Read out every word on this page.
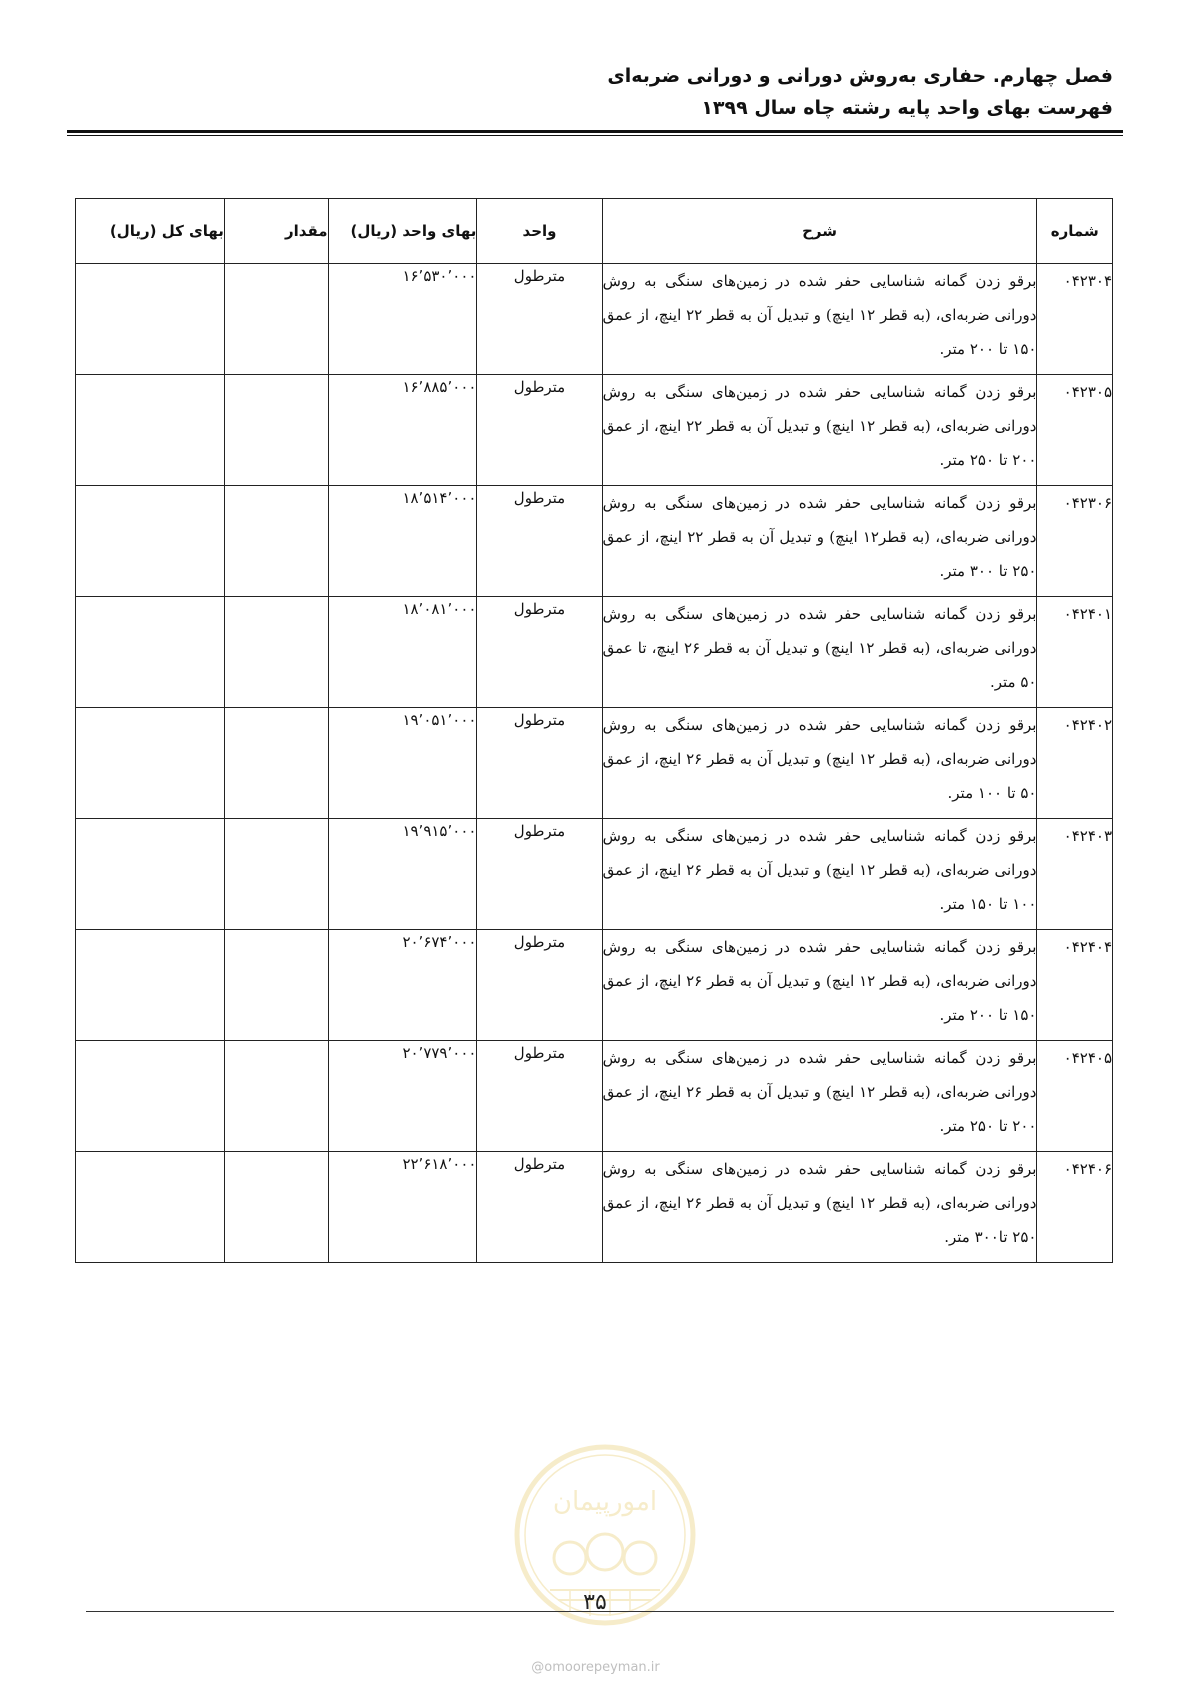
فصل چهارم. حفاری به‌روش دورانی و دورانی ضربه‌ای
فهرست بهای واحد پایه رشته چاه سال ۱۳۹۹
شماره	شرح	واحد	بهای واحد (ریال)	مقدار	بهای کل (ریال)
۰۴۲۳۰۴	برقو زدن گمانه شناسایی حفر شده در زمین‌های سنگی به روش دورانی ضربه‌ای، (به قطر ۱۲ اینچ) و تبدیل آن به قطر ۲۲ اینچ، از عمق ۱۵۰ تا ۲۰۰ متر.	مترطول	۱۶٬۵۳۰٬۰۰۰		
۰۴۲۳۰۵	برقو زدن گمانه شناسایی حفر شده در زمین‌های سنگی به روش دورانی ضربه‌ای، (به قطر ۱۲ اینچ) و تبدیل آن به قطر ۲۲ اینچ، از عمق ۲۰۰ تا ۲۵۰ متر.	مترطول	۱۶٬۸۸۵٬۰۰۰		
۰۴۲۳۰۶	برقو زدن گمانه شناسایی حفر شده در زمین‌های سنگی به روش دورانی ضربه‌ای، (به قطر۱۲ اینچ) و تبدیل آن به قطر ۲۲ اینچ، از عمق ۲۵۰ تا ۳۰۰ متر.	مترطول	۱۸٬۵۱۴٬۰۰۰		
۰۴۲۴۰۱	برقو زدن گمانه شناسایی حفر شده در زمین‌های سنگی به روش دورانی ضربه‌ای، (به قطر ۱۲ اینچ) و تبدیل آن به قطر ۲۶ اینچ، تا عمق ۵۰ متر.	مترطول	۱۸٬۰۸۱٬۰۰۰		
۰۴۲۴۰۲	برقو زدن گمانه شناسایی حفر شده در زمین‌های سنگی به روش دورانی ضربه‌ای، (به قطر ۱۲ اینچ) و تبدیل آن به قطر ۲۶ اینچ، از عمق ۵۰ تا ۱۰۰ متر.	مترطول	۱۹٬۰۵۱٬۰۰۰		
۰۴۲۴۰۳	برقو زدن گمانه شناسایی حفر شده در زمین‌های سنگی به روش دورانی ضربه‌ای، (به قطر ۱۲ اینچ) و تبدیل آن به قطر ۲۶ اینچ، از عمق ۱۰۰ تا ۱۵۰ متر.	مترطول	۱۹٬۹۱۵٬۰۰۰		
۰۴۲۴۰۴	برقو زدن گمانه شناسایی حفر شده در زمین‌های سنگی به روش دورانی ضربه‌ای، (به قطر ۱۲ اینچ) و تبدیل آن به قطر ۲۶ اینچ، از عمق ۱۵۰ تا ۲۰۰ متر.	مترطول	۲۰٬۶۷۴٬۰۰۰		
۰۴۲۴۰۵	برقو زدن گمانه شناسایی حفر شده در زمین‌های سنگی به روش دورانی ضربه‌ای، (به قطر ۱۲ اینچ) و تبدیل آن به قطر ۲۶ اینچ، از عمق ۲۰۰ تا ۲۵۰ متر.	مترطول	۲۰٬۷۷۹٬۰۰۰		
۰۴۲۴۰۶	برقو زدن گمانه شناسایی حفر شده در زمین‌های سنگی به روش دورانی ضربه‌ای، (به قطر ۱۲ اینچ) و تبدیل آن به قطر ۲۶ اینچ، از عمق ۲۵۰ تا۳۰۰ متر.	مترطول	۲۲٬۶۱۸٬۰۰۰		
امورپیمان
۳۵
@omoorepeyman.ir
